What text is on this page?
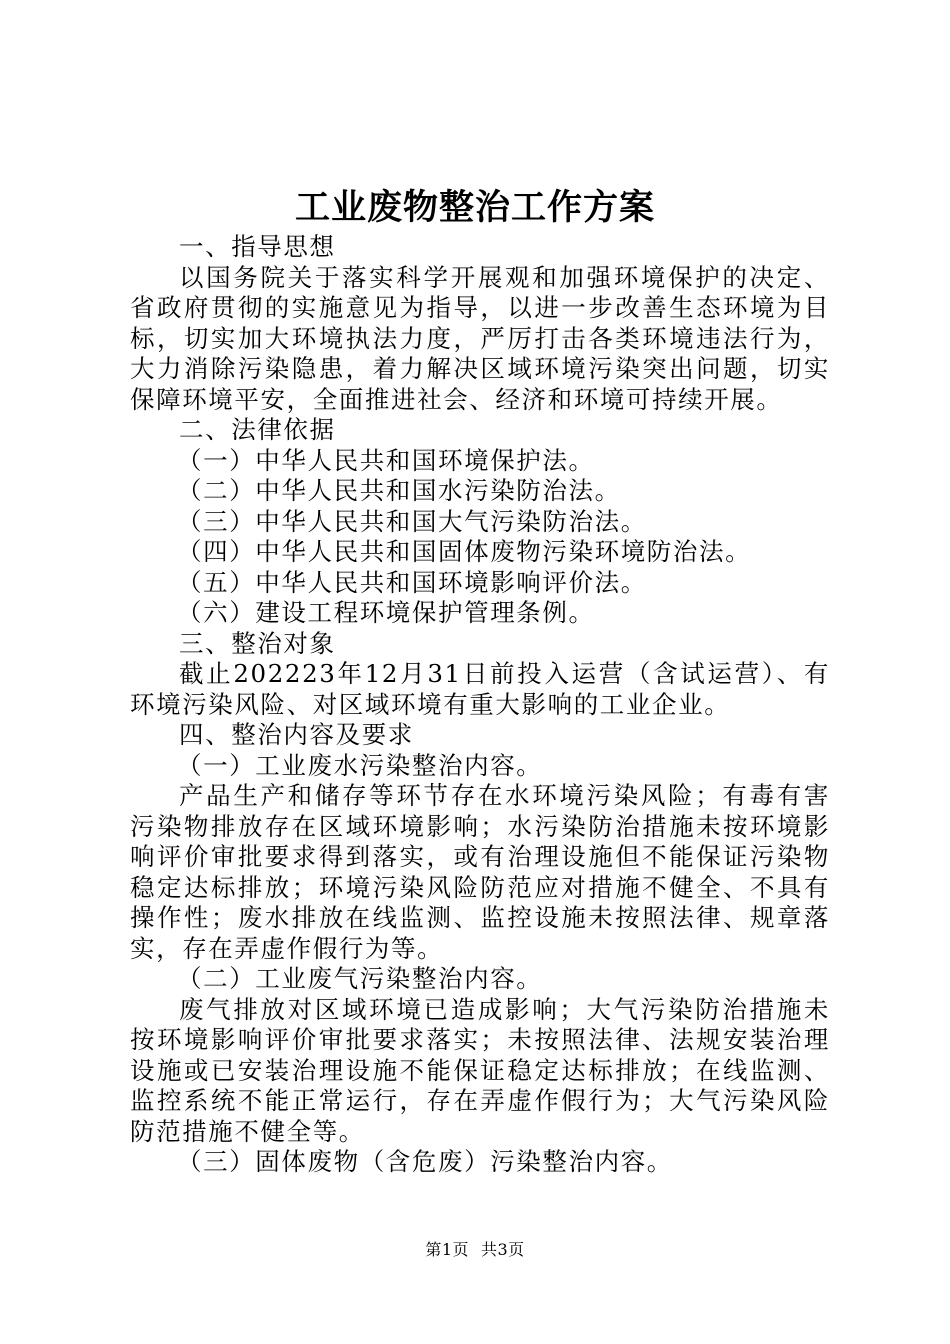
工业废物整治工作方案

一、指导思想

以国务院关于落实科学开展观和加强环境保护的决定、省政府贯彻的实施意见为指导，以进一步改善生态环境为目标，切实加大环境执法力度，严厉打击各类环境违法行为，大力消除污染隐患，着力解决区域环境污染突出问题，切实保障环境平安，全面推进社会、经济和环境可持续开展。

二、法律依据

（一）中华人民共和国环境保护法。

（二）中华人民共和国水污染防治法。

（三）中华人民共和国大气污染防治法。

（四）中华人民共和国固体废物污染环境防治法。

（五）中华人民共和国环境影响评价法。

（六）建设工程环境保护管理条例。

三、整治对象

截止202223年12月31日前投入运营（含试运营）、有环境污染风险、对区域环境有重大影响的工业企业。

四、整治内容及要求

（一）工业废水污染整治内容。

产品生产和储存等环节存在水环境污染风险；有毒有害污染物排放存在区域环境影响；水污染防治措施未按环境影响评价审批要求得到落实，或有治理设施但不能保证污染物稳定达标排放；环境污染风险防范应对措施不健全、不具有操作性；废水排放在线监测、监控设施未按照法律、规章落实，存在弄虚作假行为等。

（二）工业废气污染整治内容。

废气排放对区域环境已造成影响；大气污染防治措施未按环境影响评价审批要求落实；未按照法律、法规安装治理设施或已安装治理设施不能保证稳定达标排放；在线监测、监控系统不能正常运行，存在弄虚作假行为；大气污染风险防范措施不健全等。

（三）固体废物（含危废）污染整治内容。

第1页 共3页
